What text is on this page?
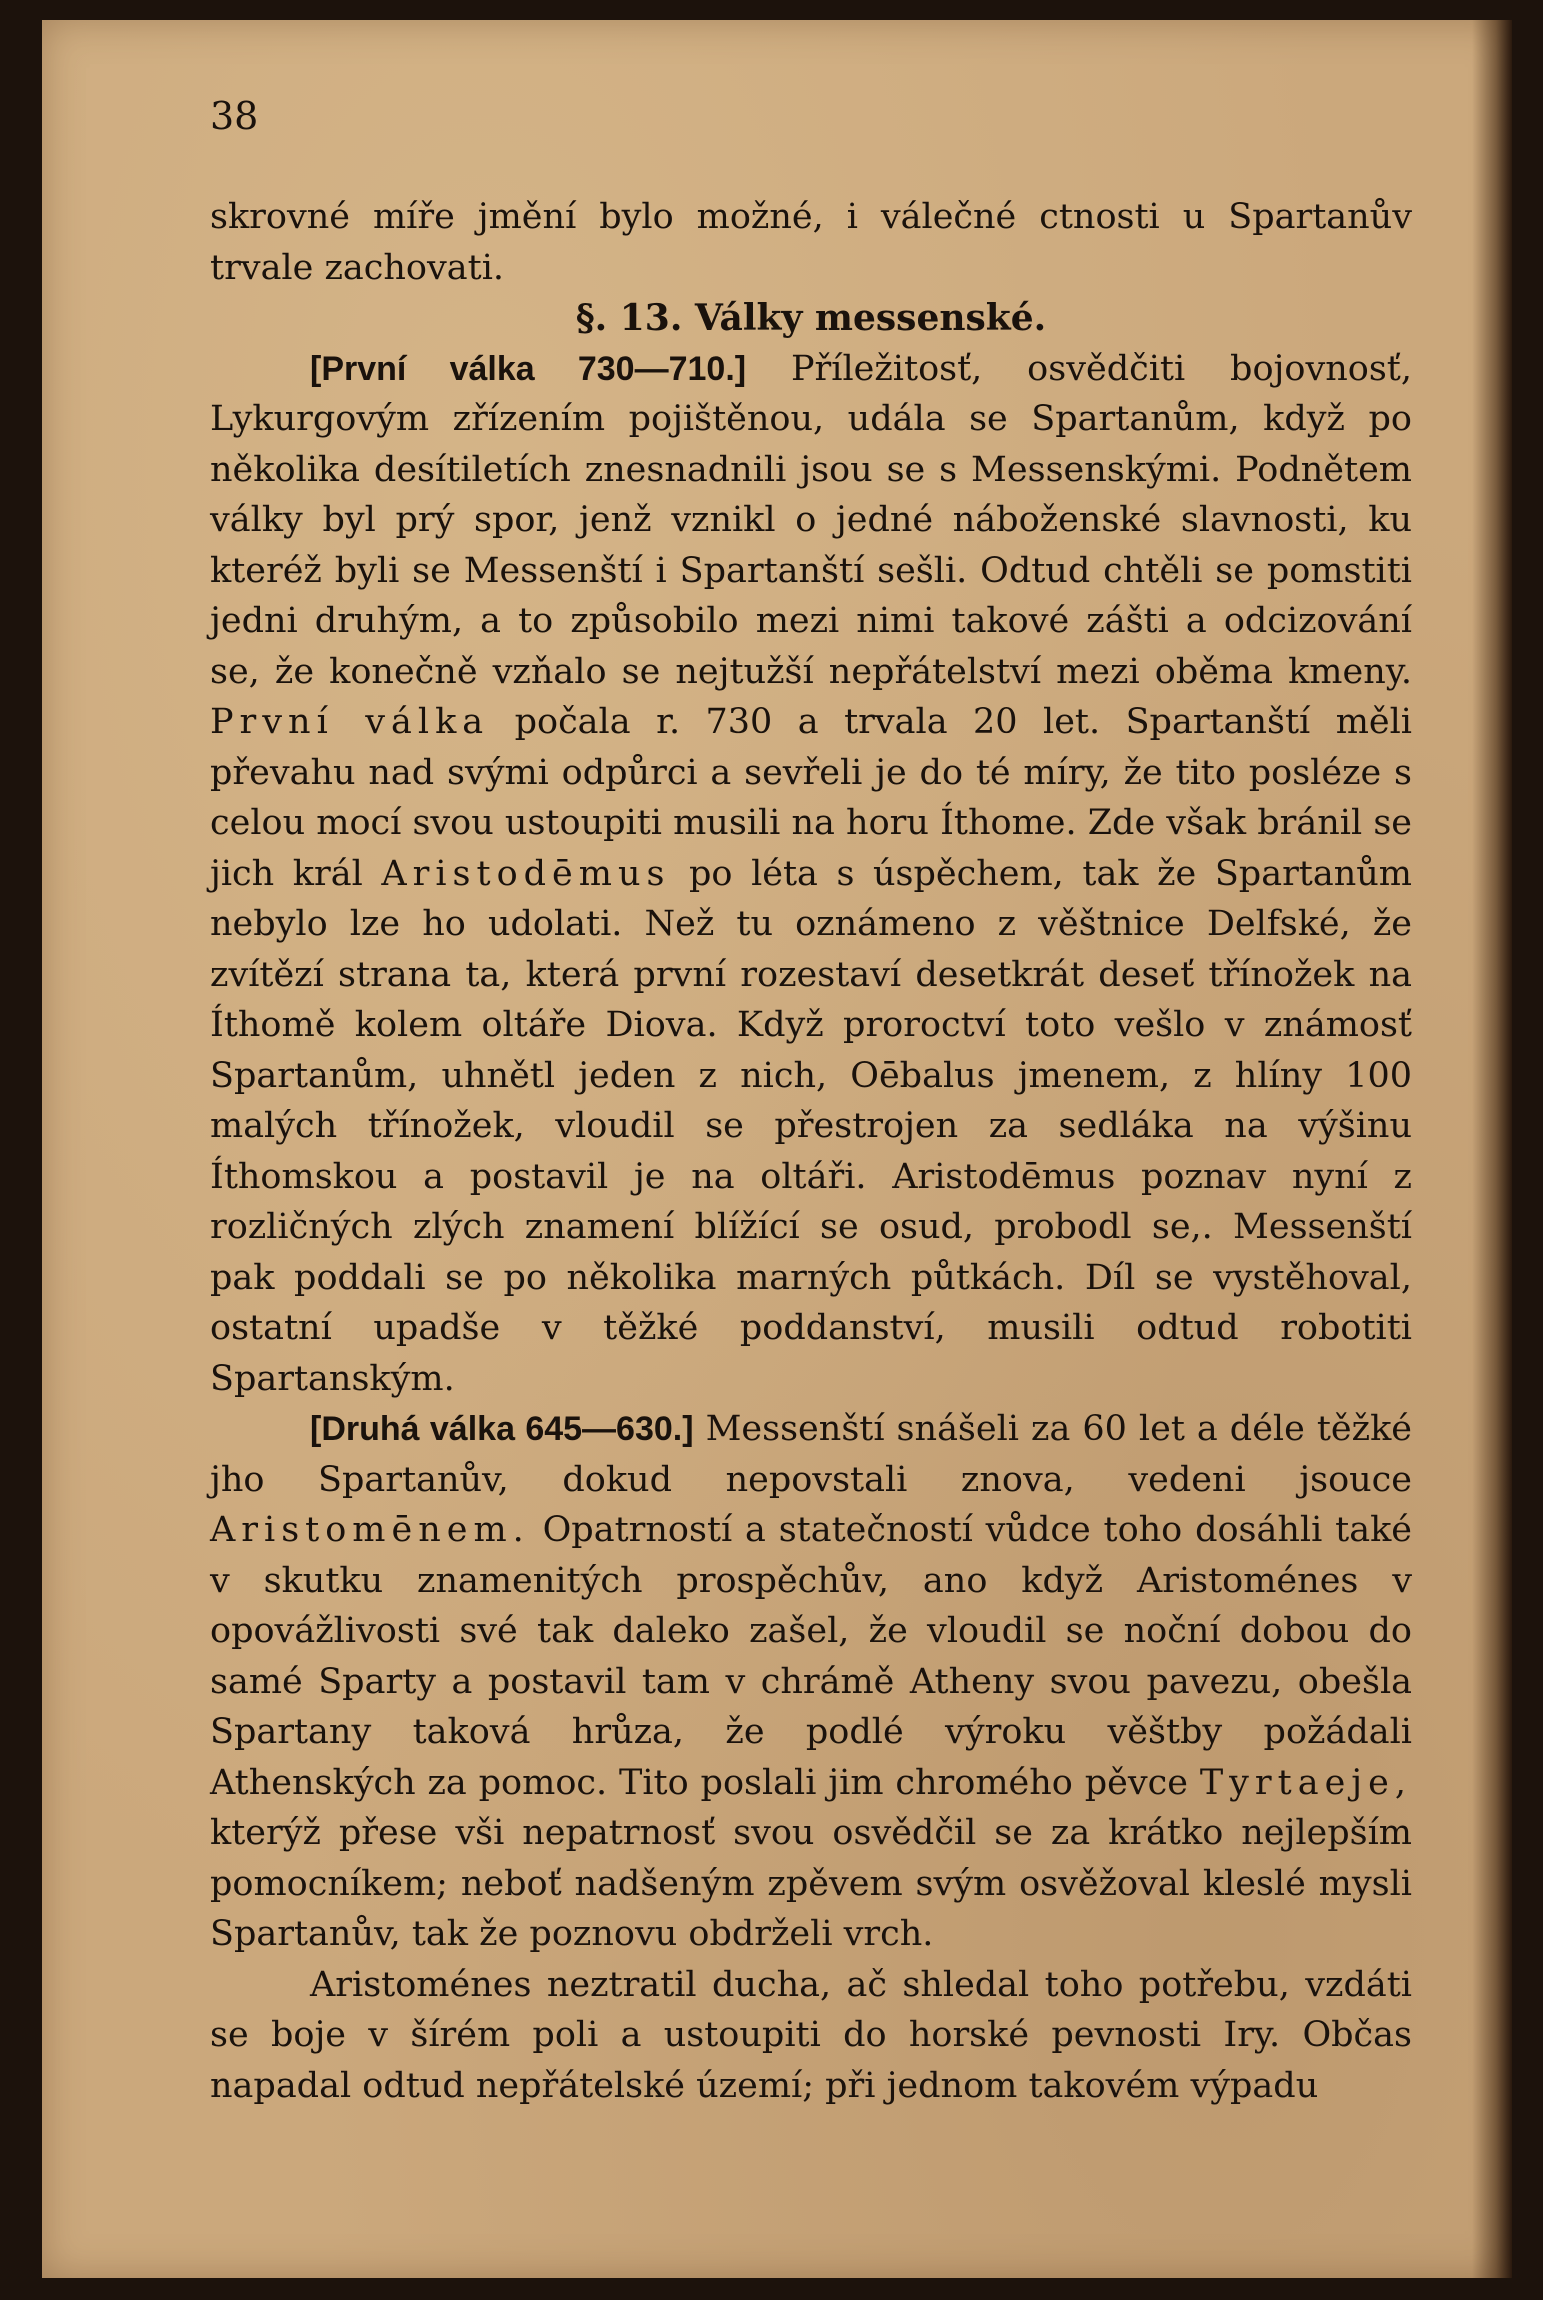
38

skrovné míře jmění bylo možné, i válečné ctnosti u Spartanův trvale zachovati.

§. 13. Války messenské.

[První válka 730—710.] Příležitosť, osvědčiti bojovnosť, Lykurgovým zřízením pojištěnou, udála se Spartanům, když po několika desítiletích znesnadnili jsou se s Messenskými. Podnětem války byl prý spor, jenž vznikl o jedné náboženské slavnosti, ku kteréž byli se Messenští i Spartanští sešli. Odtud chtěli se pomstiti jedni druhým, a to způsobilo mezi nimi takové zášti a odcizování se, že konečně vzňalo se nejtužší nepřátelství mezi oběma kmeny. První válka počala r. 730 a trvala 20 let. Spartanští měli převahu nad svými odpůrci a sevřeli je do té míry, že tito posléze s celou mocí svou ustoupiti musili na horu Íthome. Zde však bránil se jich král Aristodēmus po léta s úspěchem, tak že Spartanům nebylo lze ho udolati. Než tu oznámeno z věštnice Delfské, že zvítězí strana ta, která první rozestaví desetkrát deseť třínožek na Íthomě kolem oltáře Diova. Když proroctví toto vešlo v známosť Spartanům, uhnětl jeden z nich, Oēbalus jmenem, z hlíny 100 malých třínožek, vloudil se přestrojen za sedláka na výšinu Íthomskou a postavil je na oltáři. Aristodēmus poznav nyní z rozličných zlých znamení blížící se osud, probodl se,. Messenští pak poddali se po několika marných půtkách. Díl se vystěhoval, ostatní upadše v těžké poddanství, musili odtud robotiti Spartanským.

[Druhá válka 645—630.] Messenští snášeli za 60 let a déle těžké jho Spartanův, dokud nepovstali znova, vedeni jsouce Aristomēnem. Opatrností a statečností vůdce toho dosáhli také v skutku znamenitých prospěchův, ano když Aristoménes v opovážlivosti své tak daleko zašel, že vloudil se noční dobou do samé Sparty a postavil tam v chrámě Atheny svou pavezu, obešla Spartany taková hrůza, že podlé výroku věštby požádali Athenských za pomoc. Tito poslali jim chromého pěvce Tyrtaeje, kterýž přese vši nepatrnosť svou osvědčil se za krátko nejlepším pomocníkem; neboť nadšeným zpěvem svým osvěžoval kleslé mysli Spartanův, tak že poznovu obdrželi vrch.

Aristoménes neztratil ducha, ač shledal toho potřebu, vzdáti se boje v šírém poli a ustoupiti do horské pevnosti Iry. Občas napadal odtud nepřátelské území; při jednom takovém výpadu
